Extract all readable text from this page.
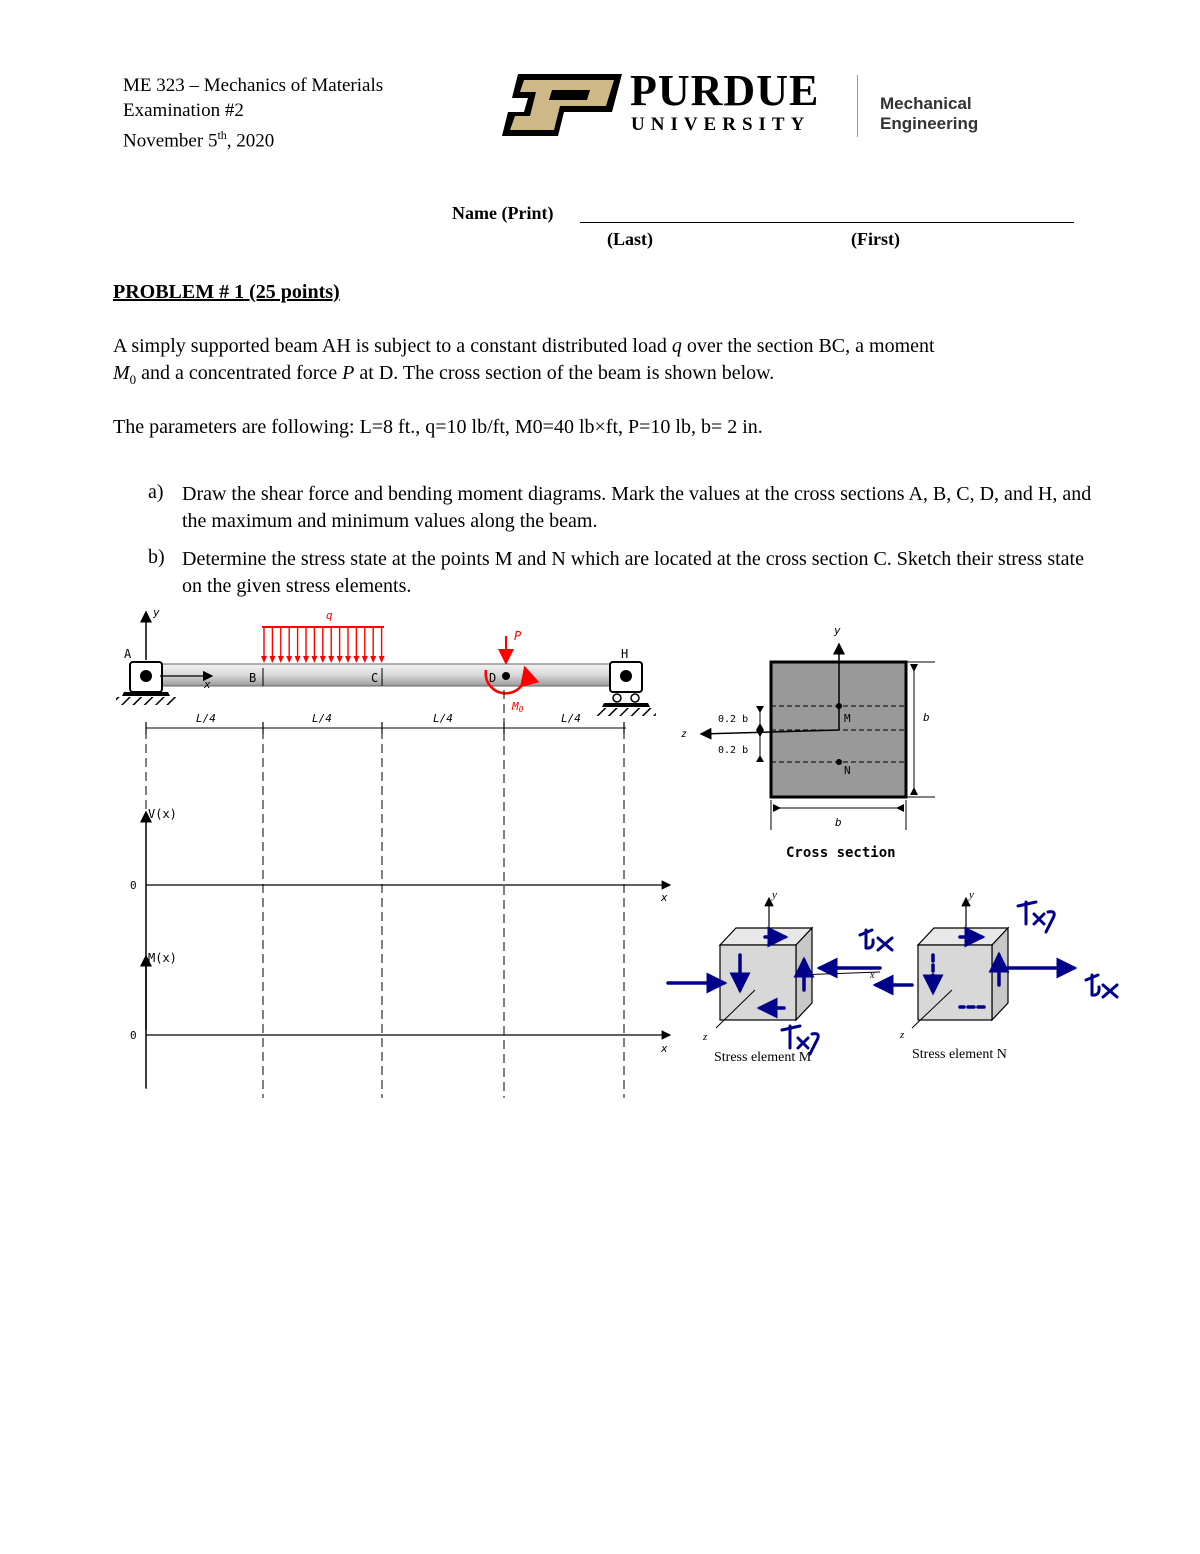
ME 323 – Mechanics of Materials
Examination #2
November 5th, 2020
PURDUE
UNIVERSITY
Mechanical Engineering
Name (Print)
(Last)	(First)
PROBLEM # 1 (25 points)
A simply supported beam AH is subject to a constant distributed load q over the section BC, a moment
$M_0$ and a concentrated force P at D. The cross section of the beam is shown below.
The parameters are following: L=8 ft., q=10 lb/ft, M0=40 lb×ft, P=10 lb, b= 2 in.
a) Draw the shear force and bending moment diagrams. Mark the values at the cross sections A, B, C, D, and H, and the maximum and minimum values along the beam.
b) Determine the stress state at the points M and N which are located at the cross section C. Sketch their stress state on the given stress elements.
y
A
x
H
B	C	D
q
P
M0
L/4	L/4	L/4	L/4
V(x)
0
x
M(x)
0
x
y
z
M
N
0.2 b
0.2 b
b
b
Cross section
y
x
z
Stress element M
y
z
Stress element N
